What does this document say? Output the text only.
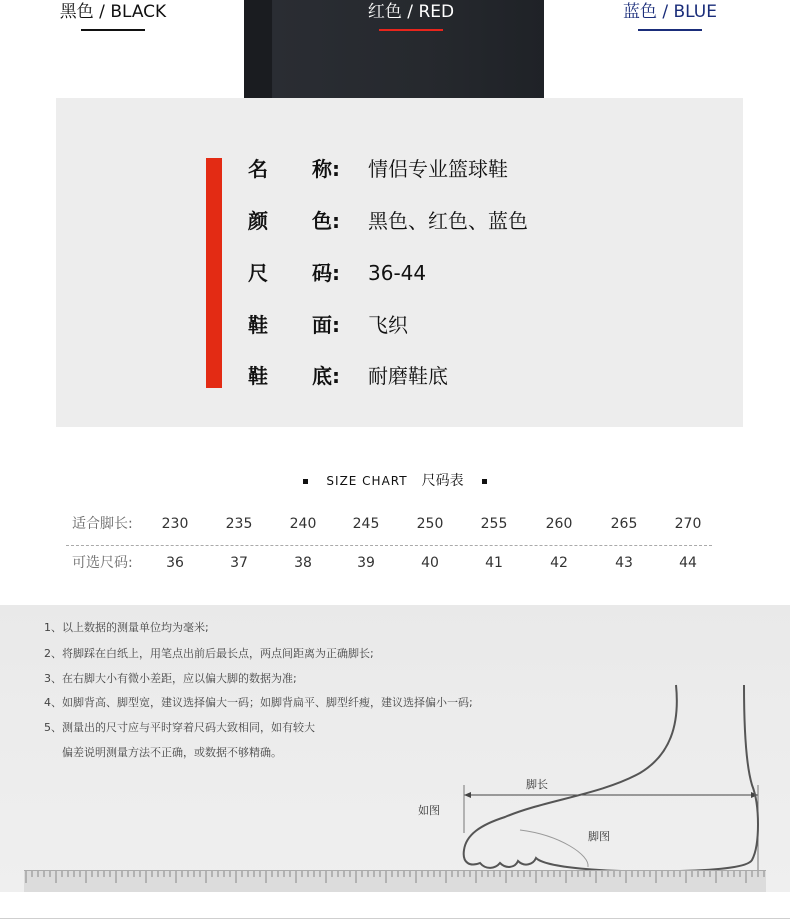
黑色 / BLACK	红色 / RED	蓝色 / BLUE
名 称: 情侣专业篮球鞋
颜 色: 黑色、红色、蓝色
尺 码: 36-44
鞋 面: 飞织
鞋 底: 耐磨鞋底
SIZE CHART 尺码表
适合脚长:	230	235	240	245	250	255	260	265	270
可选尺码:	36	37	38	39	40	41	42	43	44
1、以上数据的测量单位均为毫米;
2、将脚踩在白纸上，用笔点出前后最长点，两点间距离为正确脚长;
3、在右脚大小有微小差距，应以偏大脚的数据为准;
4、如脚背高、脚型宽，建议选择偏大一码；如脚背扁平、脚型纤瘦，建议选择偏小一码;
5、测量出的尺寸应与平时穿着尺码大致相同，如有较大
偏差说明测量方法不正确，或数据不够精确。
脚长
如图
脚图
